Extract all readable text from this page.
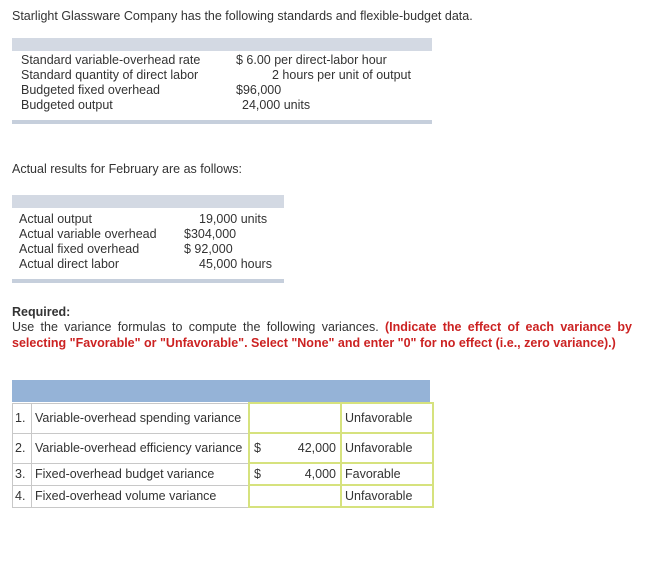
Starlight Glassware Company has the following standards and flexible-budget data.
Standard variable-overhead rate	$ 6.00 per direct-labor hour
Standard quantity of direct labor	2 hours per unit of output
Budgeted fixed overhead	$96,000
Budgeted output	24,000 units
Actual results for February are as follows:
Actual output	19,000 units
Actual variable overhead $304,000
Actual fixed overhead	$ 92,000
Actual direct labor	45,000 hours
Required:
Use the variance formulas to compute the following variances. (Indicate the effect of each variance by selecting "Favorable" or "Unfavorable". Select "None" and enter "0" for no effect (i.e., zero variance).)
1.	Variable-overhead spending variance		Unfavorable
2.	Variable-overhead efficiency variance	$ 42,000	Unfavorable
3.	Fixed-overhead budget variance	$ 4,000	Favorable
4.	Fixed-overhead volume variance		Unfavorable
